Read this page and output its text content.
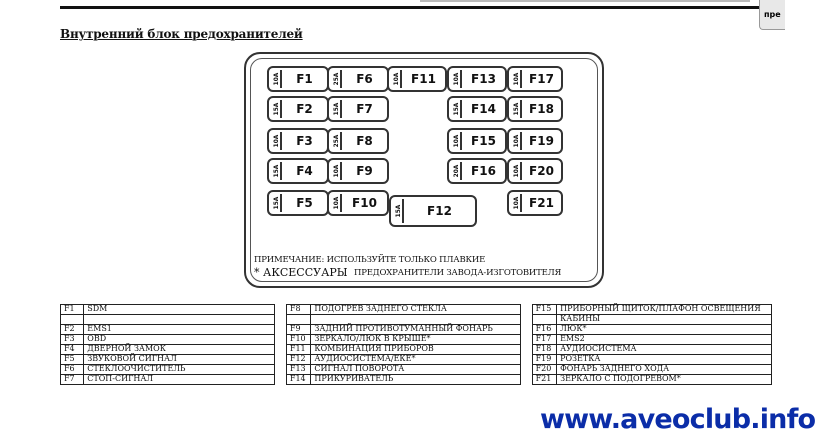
пре
Внутренний блок предохранителей
10A	F1
15A	F2
10A	F3
15A	F4
15A	F5
25A	F6
15A	F7
25A	F8
10A	F9
10A	F10
10A F11
15A	F12
10A F13
15A F14
10A F15
20A F16
10A F17
15A F18
10A F19
10A F20
10A F21
ПРИМЕЧАНИЕ: ИСПОЛЬЗУЙТЕ ТОЛЬКО ПЛАВКИЕ
* АКСЕССУАРЫ ПРЕДОХРАНИТЕЛИ ЗАВОДА-ИЗГОТОВИТЕЛЯ
F1	SDM		F8	ПОДОГРЕВ ЗАДНЕГО СТЕКЛА		F15	ПРИБОРНЫЙ ЩИТОК/ПЛАФОН ОСВЕЩЕНИЯ
							КАБИНЫ
F2	EMS1		F9	ЗАДНИЙ ПРОТИВОТУМАННЫЙ ФОНАРЬ		F16	ЛЮК*
F3	OBD		F10	ЗЕРКАЛО/ЛЮК В КРЫШЕ*		F17	EMS2
F4	ДВЕРНОЙ ЗАМОК		F11	КОМБИНАЦИЯ ПРИБОРОВ		F18	АУДИОСИСТЕМА
F5	ЗВУКОВОЙ СИГНАЛ		F12	АУДИОСИСТЕМА/ЕКЕ*		F19	РОЗЕТКА
F6	СТЕКЛООЧИСТИТЕЛЬ		F13	СИГНАЛ ПОВОРОТА		F20	ФОНАРЬ ЗАДНЕГО ХОДА
F7	СТОП-СИГНАЛ		F14	ПРИКУРИВАТЕЛЬ		F21	ЗЕРКАЛО С ПОДОГРЕВОМ*
www.aveoclub.info
